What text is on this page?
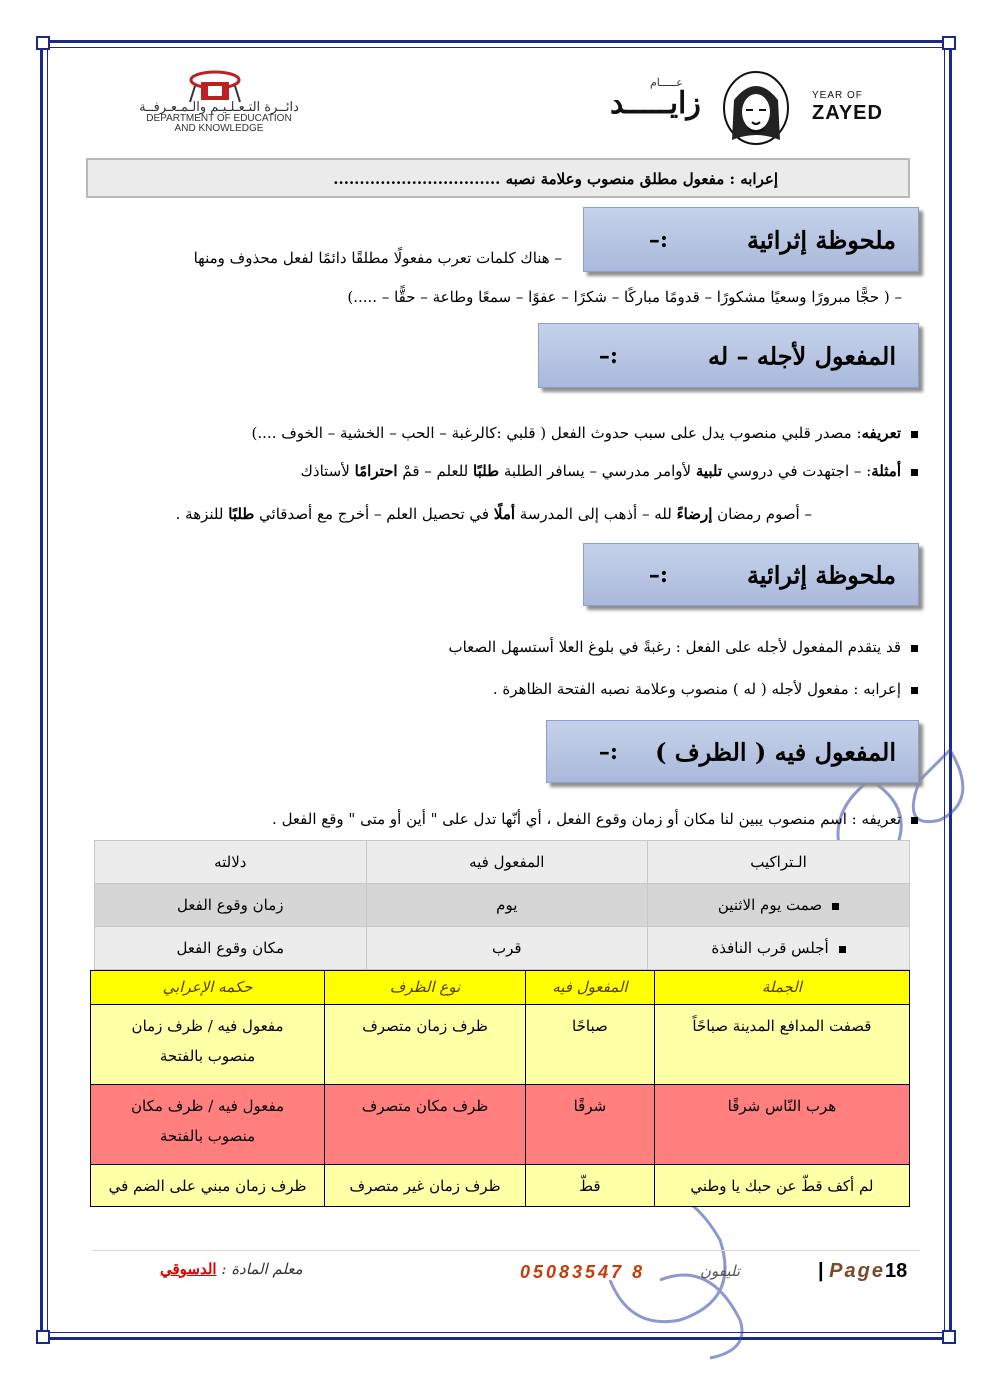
عـــــام
زايـــــد	YEAR OF
ZAYED
دائــرة التـعـلـيـم والـمـعـرفــة
DEPARTMENT OF EDUCATION
AND KNOWLEDGE
إعرابه : مفعول مطلق منصوب وعلامة نصبه ................................
ملحوظة إثرائية
:–
– هناك كلمات تعرب مفعولًا مطلقًا دائمًا لفعل محذوف ومنها
– ( حجًّا مبرورًا وسعيًا مشكورًا – قدومًا مباركًا – شكرًا – عفوًا – سمعًا وطاعة – حقًّا – .....)
المفعول لأجله – له
:–
تعريفه: مصدر قلبي منصوب يدل على سبب حدوث الفعل ( قلبي :كالرغبة – الحب – الخشية – الخوف ....)
أمثلة: – اجتهدت في دروسي تلبية لأوامر مدرسي – يسافر الطلبة طلبًا للعلم – قمْ احترامًا لأستاذك
– أصوم رمضان إرضاءً لله – أذهب إلى المدرسة أملًا في تحصيل العلم – أخرج مع أصدقائي طلبًا للنزهة .
ملحوظة إثرائية
:–
قد يتقدم المفعول لأجله على الفعل : رغبةً في بلوغ العلا أستسهل الصعاب
إعرابه : مفعول لأجله ( له ) منصوب وعلامة نصبه الفتحة الظاهرة .
المفعول فيه ( الظرف )
:–
تعريفه : اسم منصوب يبين لنا مكان أو زمان وقوع الفعل ، أي أنّها تدل على " أين أو متى " وقع الفعل .
الـتراكيب	المفعول فيه	دلالته
صمت يوم الاثنين	يوم	زمان وقوع الفعل
أجلس قرب النافذة	قرب	مكان وقوع الفعل
الجملة	المفعول فيه	نوع الظرف	حكمه الإعرابي
قصفت المدافع المدينة صباحًاً	صباحًا	ظرف زمان متصرف	مفعول فيه / ظرف زمان منصوب بالفتحة
هرب النّاس شرقًا	شرقًا	ظرف مكان متصرف	مفعول فيه / ظرف مكان منصوب بالفتحة
لم أكف قطّ عن حبك يا وطني	قطّ	ظرف زمان غير متصرف	ظرف زمان مبني على الضم في
| Page18
تليفون
05083547 8
معلم المادة : الدسوقي
